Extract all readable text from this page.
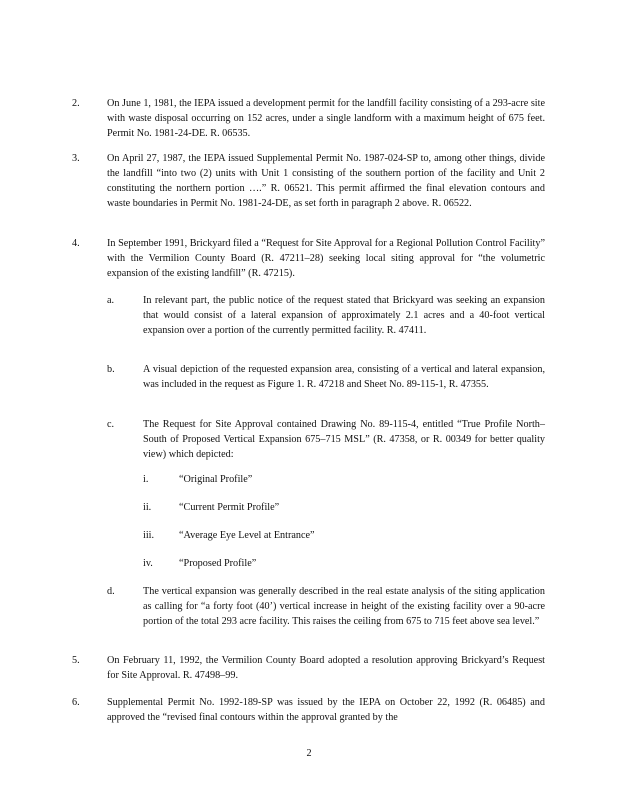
2.	On June 1, 1981, the IEPA issued a development permit for the landfill facility consisting of a 293-acre site with waste disposal occurring on 152 acres, under a single landform with a maximum height of 675 feet. Permit No. 1981-24-DE. R. 06535.

3.	On April 27, 1987, the IEPA issued Supplemental Permit No. 1987-024-SP to, among other things, divide the landfill “into two (2) units with Unit 1 consisting of the southern portion of the facility and Unit 2 constituting the northern portion ….” R. 06521. This permit affirmed the final elevation contours and waste boundaries in Permit No. 1981-24-DE, as set forth in paragraph 2 above. R. 06522.

4.	In September 1991, Brickyard filed a “Request for Site Approval for a Regional Pollution Control Facility” with the Vermilion County Board (R. 47211–28) seeking local siting approval for “the volumetric expansion of the existing landfill” (R. 47215).

a.	In relevant part, the public notice of the request stated that Brickyard was seeking an expansion that would consist of a lateral expansion of approximately 2.1 acres and a 40-foot vertical expansion over a portion of the currently permitted facility. R. 47411.

b.	A visual depiction of the requested expansion area, consisting of a vertical and lateral expansion, was included in the request as Figure 1. R. 47218 and Sheet No. 89-115-1, R. 47355.

c.	The Request for Site Approval contained Drawing No. 89-115-4, entitled “True Profile North–South of Proposed Vertical Expansion 675–715 MSL” (R. 47358, or R. 00349 for better quality view) which depicted:

i.	“Original Profile”
ii.	“Current Permit Profile”
iii. “Average Eye Level at Entrance”
iv.	“Proposed Profile”
d.	The vertical expansion was generally described in the real estate analysis of the siting application as calling for “a forty foot (40’) vertical increase in height of the existing facility over a 90-acre portion of the total 293 acre facility. This raises the ceiling from 675 to 715 feet above sea level.”

5.	On February 11, 1992, the Vermilion County Board adopted a resolution approving Brickyard’s Request for Site Approval. R. 47498–99.

6.	Supplemental Permit No. 1992-189-SP was issued by the IEPA on October 22, 1992 (R. 06485) and approved the “revised final contours within the approval granted by the

2
